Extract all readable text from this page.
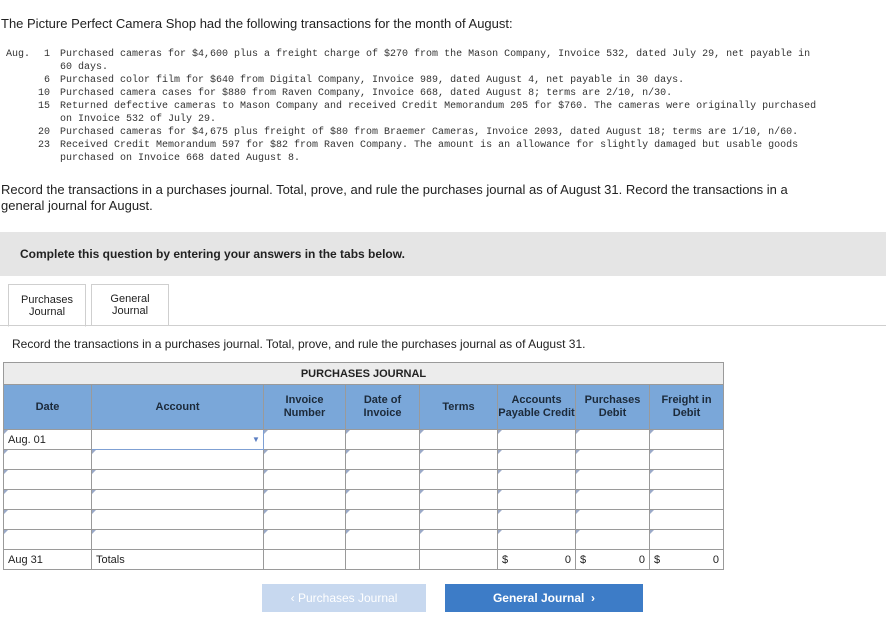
The Picture Perfect Camera Shop had the following transactions for the month of August:
Aug.	1	Purchased cameras for $4,600 plus a freight charge of $270 from the Mason Company, Invoice 532, dated July 29, net payable in 60 days.
6	Purchased color film for $640 from Digital Company, Invoice 989, dated August 4, net payable in 30 days.
10	Purchased camera cases for $880 from Raven Company, Invoice 668, dated August 8; terms are 2/10, n/30.
15	Returned defective cameras to Mason Company and received Credit Memorandum 205 for $760. The cameras were originally purchased on Invoice 532 of July 29.
20	Purchased cameras for $4,675 plus freight of $80 from Braemer Cameras, Invoice 2093, dated August 18; terms are 1/10, n/60.
23	Received Credit Memorandum 597 for $82 from Raven Company. The amount is an allowance for slightly damaged but usable goods purchased on Invoice 668 dated August 8.
Record the transactions in a purchases journal. Total, prove, and rule the purchases journal as of August 31. Record the transactions in a general journal for August.
Complete this question by entering your answers in the tabs below.
Purchases Journal
General Journal
Record the transactions in a purchases journal. Total, prove, and rule the purchases journal as of August 31.
PURCHASES JOURNAL							
Date	Account	Invoice Number	Date of Invoice	Terms	Accounts Payable Credit	Purchases Debit	Freight in Debit
Aug. 01	▼

Aug 31	Totals				$ 0	$ 0	$ 0
‹ Purchases Journal	General Journal ›
